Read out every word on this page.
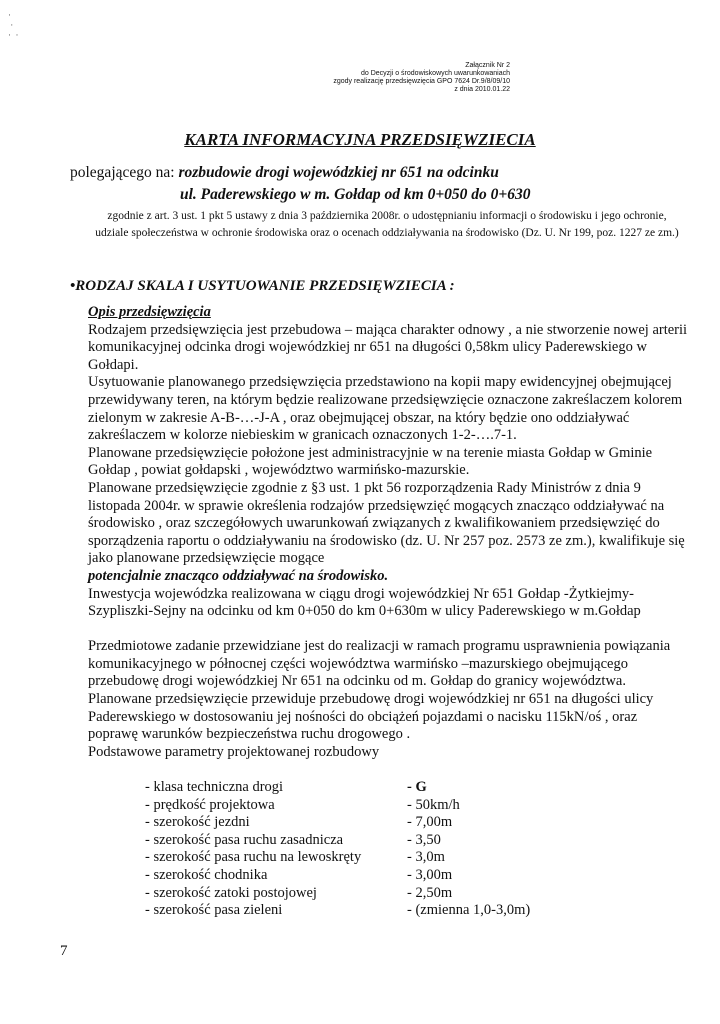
·
·
·  ·
Załącznik Nr 2
do Decyzji o środowiskowych uwarunkowaniach
zgody realizację przedsięwzięcia GPO 7624 Dr.9/8/09/10
z dnia 2010.01.22
KARTA INFORMACYJNA PRZEDSIĘWZIECIA
polegającego na: rozbudowie drogi wojewódzkiej nr 651 na odcinku
ul. Paderewskiego w m. Gołdap od km 0+050 do 0+630
zgodnie z art. 3 ust. 1 pkt 5 ustawy z dnia 3 października 2008r. o udostępnianiu informacji o środowisku i jego ochronie, udziale społeczeństwa w ochronie środowiska oraz o ocenach oddziaływania na środowisko (Dz. U. Nr 199, poz. 1227 ze zm.)
•RODZAJ SKALA I USYTUOWANIE PRZEDSIĘWZIECIA :

Opis przedsięwzięcia

Rodzajem przedsięwzięcia jest przebudowa – mająca charakter odnowy , a nie stworzenie nowej arterii komunikacyjnej odcinka drogi wojewódzkiej nr 651 na długości 0,58km ulicy Paderewskiego w Gołdapi.

Usytuowanie planowanego przedsięwzięcia przedstawiono na kopii mapy ewidencyjnej obejmującej przewidywany teren, na którym będzie realizowane przedsięwzięcie oznaczone zakreślaczem kolorem zielonym w zakresie A-B-…-J-A , oraz obejmującej obszar, na który będzie ono oddziaływać zakreślaczem w kolorze niebieskim w granicach oznaczonych 1-2-….7-1.

Planowane przedsięwzięcie położone jest administracyjnie w na terenie miasta Gołdap w Gminie Gołdap , powiat gołdapski , województwo warmińsko-mazurskie.

Planowane przedsięwzięcie zgodnie z §3 ust. 1 pkt 56 rozporządzenia Rady Ministrów z dnia 9 listopada 2004r. w sprawie określenia rodzajów przedsięwzięć mogących znacząco oddziaływać na środowisko , oraz szczegółowych uwarunkowań związanych z kwalifikowaniem przedsięwzięć do sporządzenia raportu o oddziaływaniu na środowisko (dz. U. Nr 257 poz. 2573 ze zm.), kwalifikuje się jako planowane przedsięwzięcie mogące
potencjalnie znacząco oddziaływać na środowisko.

Inwestycja wojewódzka realizowana w ciągu drogi wojewódzkiej Nr 651 Gołdap -Żytkiejmy-Szypliszki-Sejny na odcinku od km 0+050 do km 0+630m w ulicy Paderewskiego w m.Gołdap

Przedmiotowe zadanie przewidziane jest do realizacji w ramach programu usprawnienia powiązania komunikacyjnego w północnej części województwa warmińsko –mazurskiego obejmującego przebudowę drogi wojewódzkiej Nr 651 na odcinku od m. Gołdap do granicy województwa.

Planowane przedsięwzięcie przewiduje przebudowę drogi wojewódzkiej nr 651 na długości ulicy Paderewskiego w dostosowaniu jej nośności do obciążeń pojazdami o nacisku 115kN/oś , oraz poprawę warunków bezpieczeństwa ruchu drogowego .

Podstawowe parametry projektowanej rozbudowy

- klasa techniczna drogi	- G
- prędkość projektowa	- 50km/h
- szerokość jezdni	- 7,00m
- szerokość pasa ruchu zasadnicza	- 3,50
- szerokość pasa ruchu na lewoskręty	- 3,0m
- szerokość chodnika	- 3,00m
- szerokość zatoki postojowej	- 2,50m
- szerokość pasa zieleni	- (zmienna 1,0-3,0m)
7
